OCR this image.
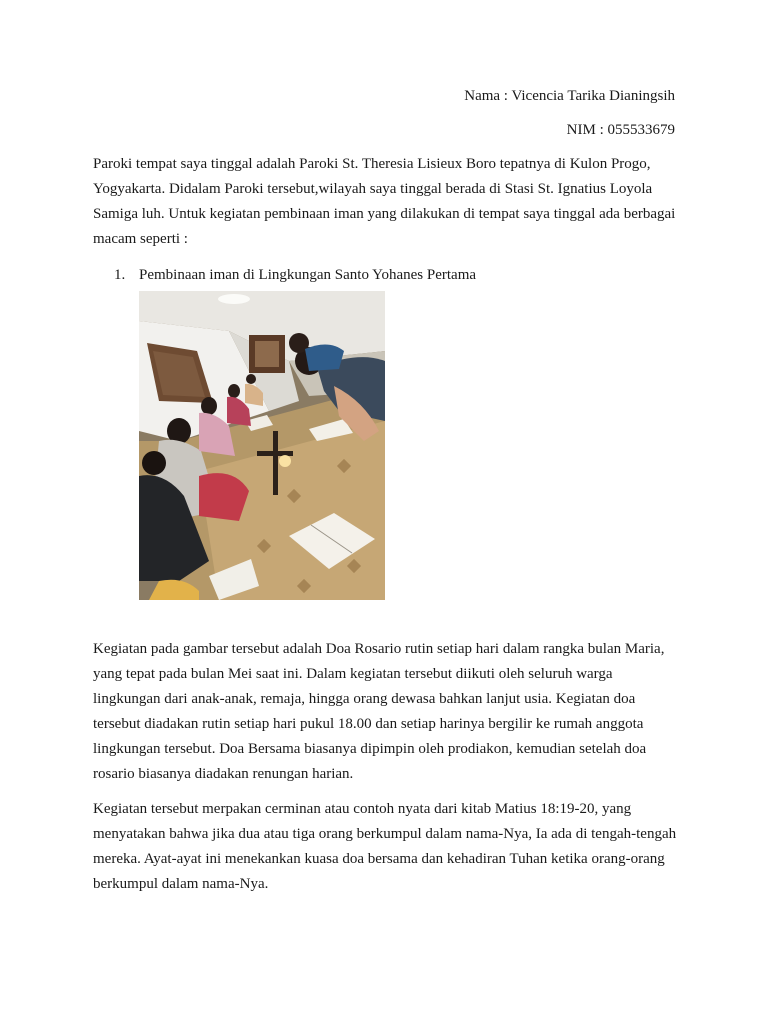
Nama : Vicencia Tarika Dianingsih
NIM : 055533679

Paroki tempat saya tinggal adalah Paroki St. Theresia Lisieux Boro tepatnya di Kulon Progo, Yogyakarta. Didalam Paroki tersebut,wilayah saya tinggal berada di Stasi St. Ignatius Loyola Samiga luh. Untuk kegiatan pembinaan iman yang dilakukan di tempat saya tinggal ada berbagai macam seperti :

1. Pembinaan iman di Lingkungan Santo Yohanes Pertama

Kegiatan pada gambar tersebut adalah Doa Rosario rutin setiap hari dalam rangka bulan Maria, yang tepat pada bulan Mei saat ini. Dalam kegiatan tersebut diikuti oleh seluruh warga lingkungan dari anak-anak, remaja, hingga orang dewasa bahkan lanjut usia. Kegiatan doa tersebut diadakan rutin setiap hari pukul 18.00 dan setiap harinya bergilir ke rumah anggota lingkungan tersebut. Doa Bersama biasanya dipimpin oleh prodiakon, kemudian setelah doa rosario biasanya diadakan renungan harian.

Kegiatan tersebut merpakan cerminan atau contoh nyata dari kitab Matius 18:19-20, yang menyatakan bahwa jika dua atau tiga orang berkumpul dalam nama-Nya, Ia ada di tengah-tengah mereka. Ayat-ayat ini menekankan kuasa doa bersama dan kehadiran Tuhan ketika orang-orang berkumpul dalam nama-Nya.
